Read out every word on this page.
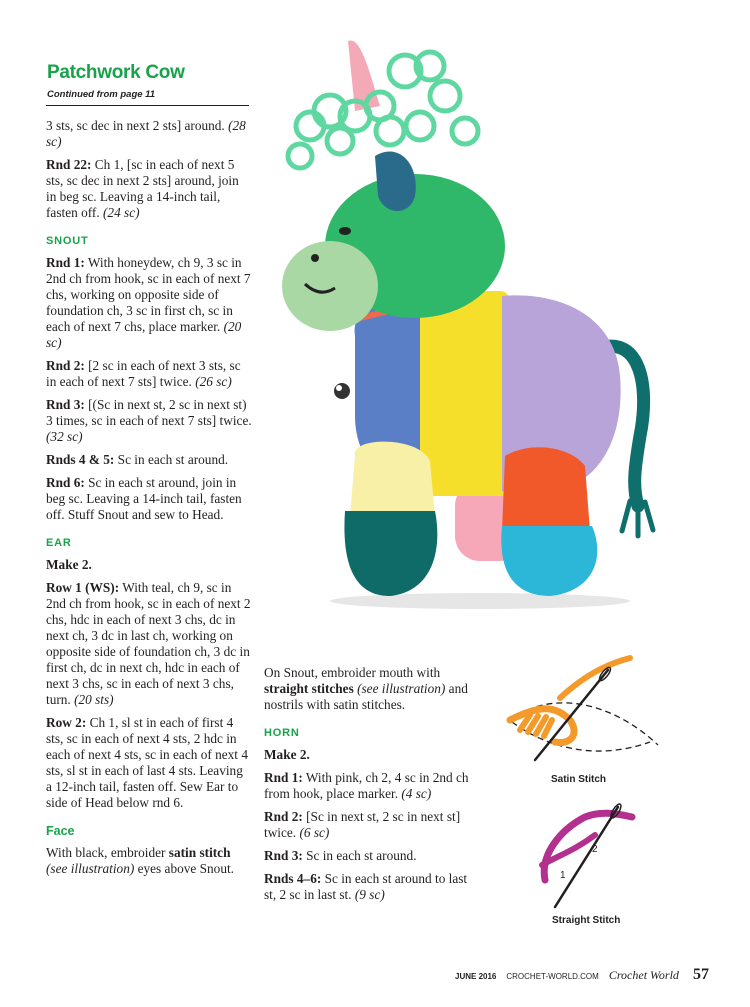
Patchwork Cow
Continued from page 11

3 sts, sc dec in next 2 sts] around. (28 sc)

Rnd 22: Ch 1, [sc in each of next 5 sts, sc dec in next 2 sts] around, join in beg sc. Leaving a 14-inch tail, fasten off. (24 sc)

SNOUT

Rnd 1: With honeydew, ch 9, 3 sc in 2nd ch from hook, sc in each of next 7 chs, working on opposite side of foundation ch, 3 sc in first ch, sc in each of next 7 chs, place marker. (20 sc)

Rnd 2: [2 sc in each of next 3 sts, sc in each of next 7 sts] twice. (26 sc)

Rnd 3: [(Sc in next st, 2 sc in next st) 3 times, sc in each of next 7 sts] twice. (32 sc)

Rnds 4 & 5: Sc in each st around.

Rnd 6: Sc in each st around, join in beg sc. Leaving a 14-inch tail, fasten off. Stuff Snout and sew to Head.

EAR

Make 2.

Row 1 (WS): With teal, ch 9, sc in 2nd ch from hook, sc in each of next 2 chs, hdc in each of next 3 chs, dc in next ch, 3 dc in last ch, working on opposite side of foundation ch, 3 dc in first ch, dc in next ch, hdc in each of next 3 chs, sc in each of next 3 chs, turn. (20 sts)

Row 2: Ch 1, sl st in each of first 4 sts, sc in each of next 4 sts, 2 hdc in each of next 4 sts, sc in each of next 4 sts, sl st in each of last 4 sts. Leaving a 12-inch tail, fasten off. Sew Ear to side of Head below rnd 6.

Face

With black, embroider satin stitch (see illustration) eyes above Snout.

On Snout, embroider mouth with straight stitches (see illustration) and nostrils with satin stitches.

HORN

Make 2.

Rnd 1: With pink, ch 2, 4 sc in 2nd ch from hook, place marker. (4 sc)

Rnd 2: [Sc in next st, 2 sc in next st] twice. (6 sc)

Rnd 3: Sc in each st around.

Rnds 4–6: Sc in each st around to last st, 2 sc in last st. (9 sc)

Satin Stitch
1
2
Straight Stitch
JUNE 2016 CROCHET-WORLD.COM Crochet World 57
